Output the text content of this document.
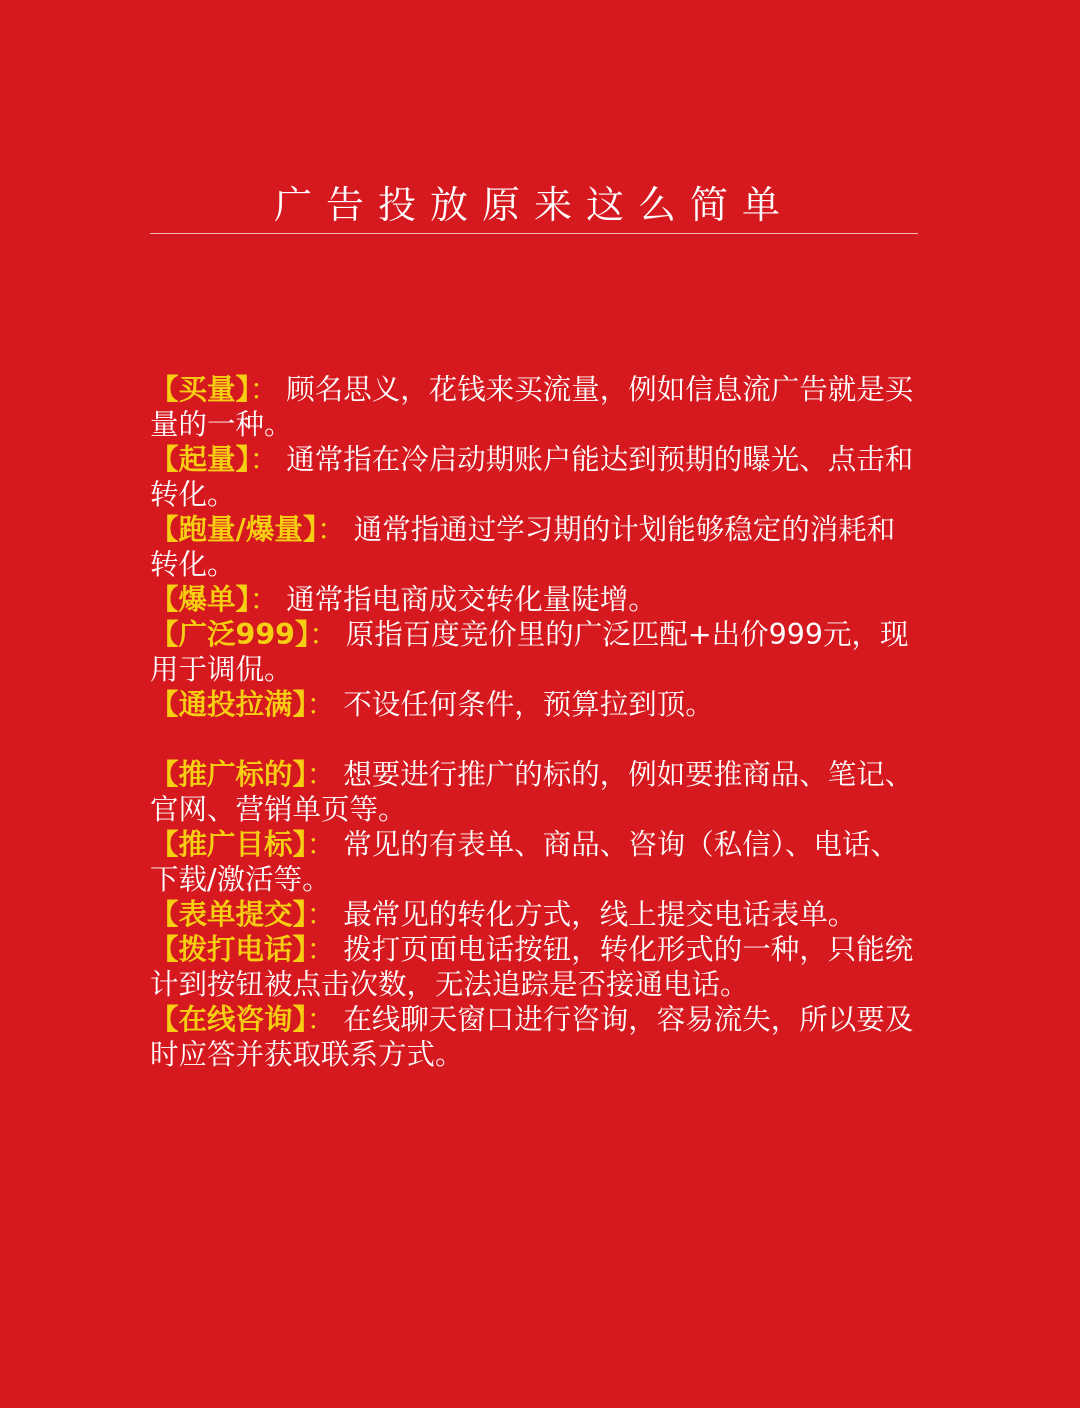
广告投放原来这么简单
【买量】： 顾名思义，花钱来买流量，例如信息流广告就是买量的一种。
【起量】： 通常指在冷启动期账户能达到预期的曝光、点击和转化。
【跑量/爆量】： 通常指通过学习期的计划能够稳定的消耗和转化。
【爆单】： 通常指电商成交转化量陡增。
【广泛999】： 原指百度竞价里的广泛匹配+出价999元，现用于调侃。
【通投拉满】： 不设任何条件，预算拉到顶。
【推广标的】： 想要进行推广的标的，例如要推商品、笔记、官网、营销单页等。
【推广目标】： 常见的有表单、商品、咨询（私信）、电话、下载/激活等。
【表单提交】： 最常见的转化方式，线上提交电话表单。
【拨打电话】： 拨打页面电话按钮，转化形式的一种，只能统计到按钮被点击次数，无法追踪是否接通电话。
【在线咨询】： 在线聊天窗口进行咨询，容易流失，所以要及时应答并获取联系方式。
